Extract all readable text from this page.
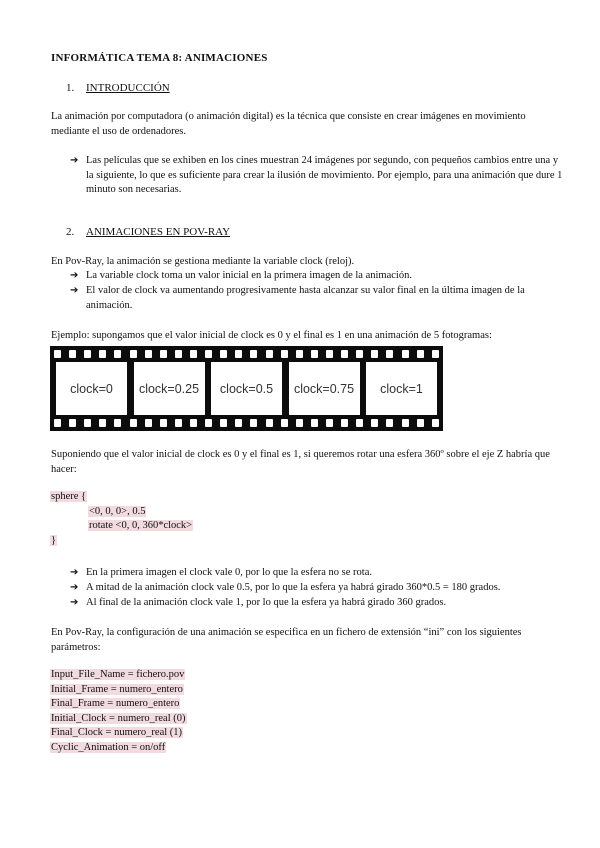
INFORMÁTICA TEMA 8: ANIMACIONES
1. INTRODUCCIÓN
La animación por computadora (o animación digital) es la técnica que consiste en crear imágenes en movimiento mediante el uso de ordenadores.
➔ Las películas que se exhiben en los cines muestran 24 imágenes por segundo, con pequeños cambios entre una y la siguiente, lo que es suficiente para crear la ilusión de movimiento. Por ejemplo, para una animación que dure 1 minuto son necesarias.
2. ANIMACIONES EN POV-RAY
En Pov-Ray, la animación se gestiona mediante la variable clock (reloj).
➔ La variable clock toma un valor inicial en la primera imagen de la animación.
➔ El valor de clock va aumentando progresivamente hasta alcanzar su valor final en la última imagen de la animación.
Ejemplo: supongamos que el valor inicial de clock es 0 y el final es 1 en una animación de 5 fotogramas:
clock=0	clock=0.25	clock=0.5	clock=0.75	clock=1
Suponiendo que el valor inicial de clock es 0 y el final es 1, si queremos rotar una esfera 360º sobre el eje Z habría que hacer:
sphere {
<0, 0, 0>, 0.5
rotate <0, 0, 360*clock>
}
➔ En la primera imagen el clock vale 0, por lo que la esfera no se rota.
➔ A mitad de la animación clock vale 0.5, por lo que la esfera ya habrá girado 360*0.5 = 180 grados.
➔ Al final de la animación clock vale 1, por lo que la esfera ya habrá girado 360 grados.
En Pov-Ray, la configuración de una animación se especifica en un fichero de extensión “ini” con los siguientes parámetros:
Input_File_Name = fichero.pov
Initial_Frame = numero_entero
Final_Frame = numero_entero
Initial_Clock = numero_real (0)
Final_Clock = numero_real (1)
Cyclic_Animation = on/off
